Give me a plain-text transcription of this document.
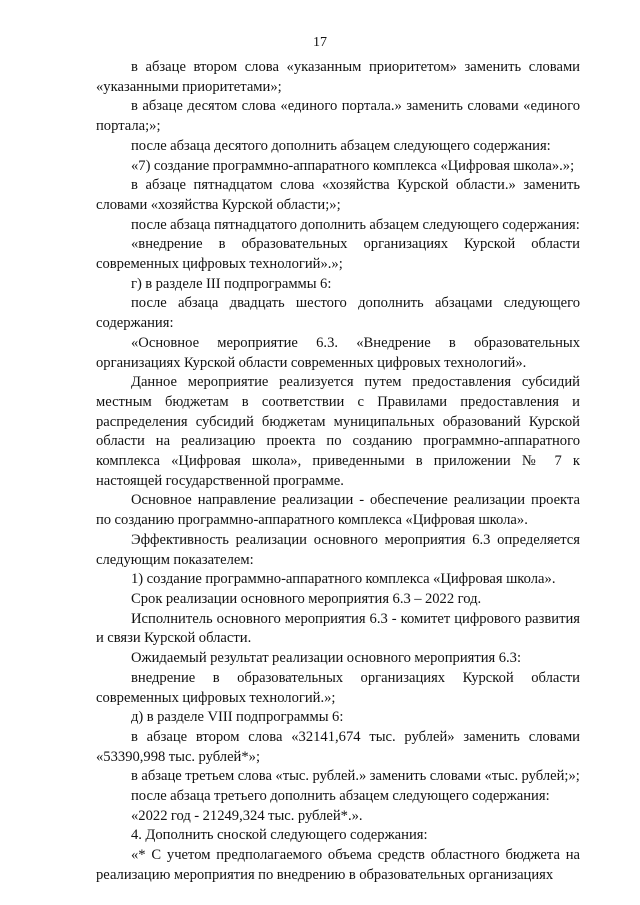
17

в абзаце втором слова «указанным приоритетом» заменить словами «указанными приоритетами»;

в абзаце десятом слова «единого портала.» заменить словами «единого портала;»;

после абзаца десятого дополнить абзацем следующего содержания:

«7) создание программно-аппаратного комплекса «Цифровая школа».»;

в абзаце пятнадцатом слова «хозяйства Курской области.» заменить словами «хозяйства Курской области;»;

после абзаца пятнадцатого дополнить абзацем следующего содержания:

«внедрение в образовательных организациях Курской области современных цифровых технологий».»;

г) в разделе III подпрограммы 6:

после абзаца двадцать шестого дополнить абзацами следующего содержания:

«Основное мероприятие 6.3. «Внедрение в образовательных организациях Курской области современных цифровых технологий».

Данное мероприятие реализуется путем предоставления субсидий местным бюджетам в соответствии с Правилами предоставления и распределения субсидий бюджетам муниципальных образований Курской области на реализацию проекта по созданию программно-аппаратного комплекса «Цифровая школа», приведенными в приложении № 7 к настоящей государственной программе.

Основное направление реализации - обеспечение реализации проекта по созданию программно-аппаратного комплекса «Цифровая школа».

Эффективность реализации основного мероприятия 6.3 определяется следующим показателем:

1) создание программно-аппаратного комплекса «Цифровая школа».

Срок реализации основного мероприятия 6.3 – 2022 год.

Исполнитель основного мероприятия 6.3 - комитет цифрового развития и связи Курской области.

Ожидаемый результат реализации основного мероприятия 6.3:

внедрение в образовательных организациях Курской области современных цифровых технологий.»;

д) в разделе VIII подпрограммы 6:

в абзаце втором слова «32141,674 тыс. рублей» заменить словами «53390,998 тыс. рублей*»;

в абзаце третьем слова «тыс. рублей.» заменить словами «тыс. рублей;»;

после абзаца третьего дополнить абзацем следующего содержания:

«2022 год - 21249,324 тыс. рублей*.».

4. Дополнить сноской следующего содержания:

«* С учетом предполагаемого объема средств областного бюджета на реализацию мероприятия по внедрению в образовательных организациях
